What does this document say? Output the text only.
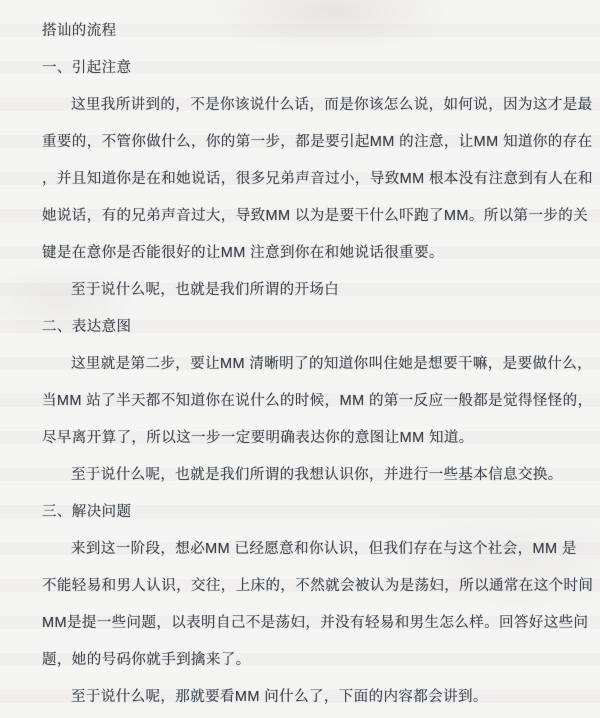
搭讪的流程
一、引起注意
这里我所讲到的，不是你该说什么话，而是你该怎么说，如何说，因为这才是最
重要的，不管你做什么，你的第一步，都是要引起MM 的注意，让MM 知道你的存在
，并且知道你是在和她说话，很多兄弟声音过小，导致MM 根本没有注意到有人在和
她说话，有的兄弟声音过大，导致MM 以为是要干什么吓跑了MM。所以第一步的关
键是在意你是否能很好的让MM 注意到你在和她说话很重要。
至于说什么呢，也就是我们所谓的开场白
二、表达意图
这里就是第二步，要让MM 清晰明了的知道你叫住她是想要干嘛，是要做什么，
当MM 站了半天都不知道你在说什么的时候，MM 的第一反应一般都是觉得怪怪的，
尽早离开算了，所以这一步一定要明确表达你的意图让MM 知道。
至于说什么呢，也就是我们所谓的我想认识你，并进行一些基本信息交换。
三、解决问题
来到这一阶段，想必MM 已经愿意和你认识，但我们存在与这个社会，MM 是
不能轻易和男人认识，交往，上床的，不然就会被认为是荡妇，所以通常在这个时间
MM是提一些问题，以表明自己不是荡妇，并没有轻易和男生怎么样。回答好这些问
题，她的号码你就手到擒来了。
至于说什么呢，那就要看MM 问什么了，下面的内容都会讲到。
